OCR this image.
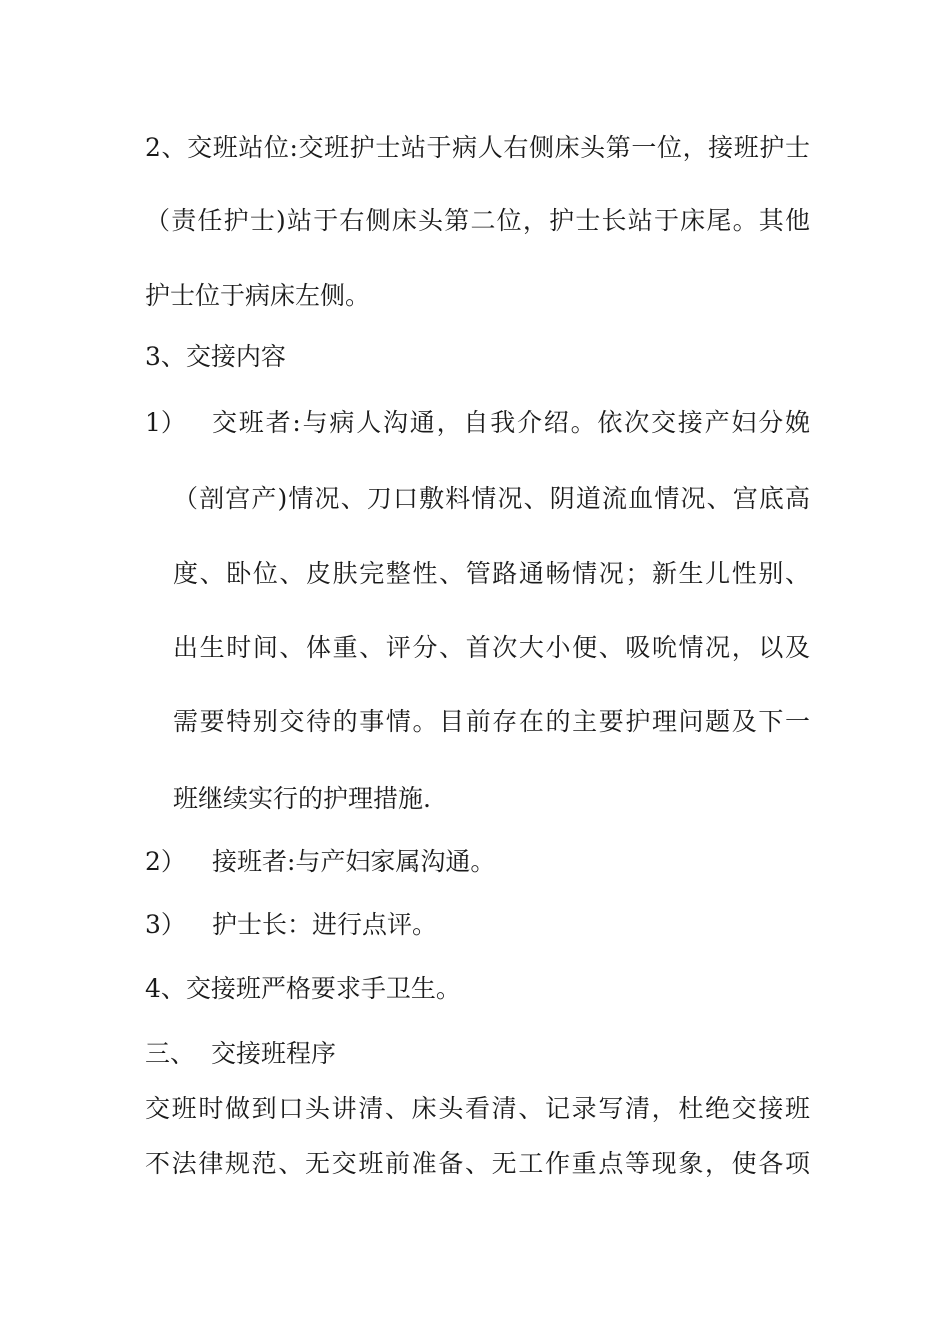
2、交班站位:交班护士站于病人右侧床头第一位，接班护士
（责任护士)站于右侧床头第二位，护士长站于床尾。其他
护士位于病床左侧。
3、交接内容
1） 交班者:与病人沟通，自我介绍。依次交接产妇分娩
（剖宫产)情况、刀口敷料情况、阴道流血情况、宫底高
度、卧位、皮肤完整性、管路通畅情况；新生儿性别、
出生时间、体重、评分、首次大小便、吸吮情况，以及
需要特别交待的事情。目前存在的主要护理问题及下一
班继续实行的护理措施.
2） 接班者:与产妇家属沟通。
3） 护士长：进行点评。
4、交接班严格要求手卫生。
三、 交接班程序
交班时做到口头讲清、床头看清、记录写清，杜绝交接班
不法律规范、无交班前准备、无工作重点等现象，使各项
